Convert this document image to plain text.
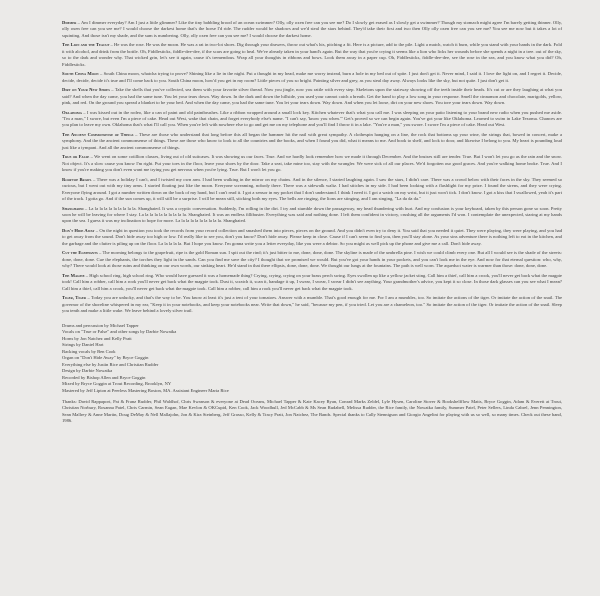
Dimmer – Am I dimmer everyday? Am I just a little glimmer? Like the tiny babbling brood of an ocean swimmer? Olly, olly oxen free can you see me? Do I slowly get erased as I slowly get a swimmer? Though my stomach might agree I'm barely getting thinner. Olly, olly oxen free can you see me? I would choose the darkest home that's the horse I'd ride. The rudder would be shadows and we'd steal the stars behind. They'd take their first and two then Olly olly oxen free can you see me? You see me now but it takes a lot of squinting. And those isn't my shade, and the sum is numbering. Olly, olly oxen free can you see me? I would choose the darkest home.

The Lion and the Teacup – He was the rose. He was the moon. He was a rat in two-lot shoes. Dig through your drawers, throw out what's his, pitching a fit. Here is a picture, add to the pile. Light a match, watch it burn, while you stand with your hands in the dark. Fold it with alcohol, and drink from the bottle. Oh, Fiddlesticks, fiddle-dee-dee, if the scars are going to heal. We've already taken in your hand's again. But the way that you're crying it seems like a lion who licks her wounds before she spends a night in a tree. out of the sky, so to the dark and wonder why. That wicked grin, let's see it again, cause it's tremendous. Wrap all your thoughts in ribbons and bows. Look them away in a paper cup. Oh, Fiddlesticks, fiddle-dee-dee, see the rose in the sea, and you know what you did? Oh, Fiddlesticks.

South China Moon – South China moon, whatcha trying to prove? Shining like a lie in the night. Put a thought in my head, make me worry instead, burn a hole in my bed out of spite. I just don't get it. Never mind, I said it. I love the light on, and I regret it. Decide, decide, decide, decide it's true and I'll come back to you. South China moon, how'd you get in my room? Little pieces of you so bright. Painting silver and grey, as you steal day away. Always looks like the sky, but not quite. I just don't get it.

Dirt on Your New Shoes – Take the shells that you've collected, sea them with your favorite silver thread. Now you jingle, now you rattle with every step. Skeletons upon the stairway showing off the teeth inside their heads. It's cut or are they laughing at what you said? And when the day came, you had the same tune. You let your tears down. Way down. In the dark and down the hillside, you used your cannot catch a breath. Get the hand to play a low song in your response. Smell the cinnamon and chocolate, marigolds, yellow, pink, and red. On the ground you spread a blanket to be your bed. And when the day came, you had the same tune. You let your tears down. Way down. And when you let loose, dirt on your new shoes. You tore your tears down. Way down.

Oklahoma – I was kissed out in the rodeo, like a can of paint and old paintbrushes. Like a ribbon wrapped around a small lock key. Kitchen whatever that's what you call me. I was sleeping on your patio listening to your brand new radio when you pushed me aside. "I'm a man," I swore, but even I'm a piece of cake. Head out West, wake that chain, and forget everybody else's name. "I can't say, 'know you when.'" Get's proved so we can begin again. You've got your like Oklahoma. Learned to swim in Lake Texoma. Chances are you plan to leave my own. Oklahoma that's what I'll call you. When you're left with nowhere else to go and get me on my telephone and you'll find I throw it in a lake. "You're a man," you swore. I swore I'm a piece of cake. Head out West.

The Ancient Commonsense of Things – These are those who understand that long before this all began the hammer hit the nail with great sympathy. A clothespin hanging on a line, the rock that bottoms up your wine, the strings that, bowed in concert, make a symphony. And the the ancient commonsense of things. These are those who know to look to all the countries and the books, and when I found you did, what it means to me. And book to shelf, and lock to door, and likewise I belong to you. My heart is pounding loud just like a tympani. And all the ancient commonsense of things.

True or False – We went on some cotillion classes, living out of old suitcases. It was showing us our faces. True. And we hardly look remember how we made it through December. And the bruises still are tender. True. But I won't let you go as the rain and the snow. Not object. It's a slow cause you know I'm right. Put your toes in the floor, leave your shoes by the door. Take a seat, take mine too, stay with the wrangler. We were sick of all our places. We'd forgotten our good graces. And you're walking home broke. True. And I know if you're making you don't even want me trying you get nervous when you're lying. True. But I won't let you go.

Rooftop Brawl – There was a holiday I can't, and I twisted my own arm. I had been walking in the mirror on my chains. And in the silence, I started laughing again. I saw the stars, I didn't care. There was a crowd below with their faces in the sky. They seemed so curious, but I went out with my tiny arms. I started floating just like the moon. Everyone screaming, nobody there. There was a sidewalk waltz. I had stitches in my side. I had been looking with a flashlight for my prize. I found the sirens, and they were crying. Everyone flying around. I got a number written down on the back of my hand, but I can't read it. I got a sensor in my pocket that I don't understand. I think I need it. I got a watch on my wrist, but it just won't tick. I don't know. I got a kiss that I swallowed, yeah it's part of the track. I gotta go. And if the sun comes up, it will still be a surprise. I will be mean still, sticking both my eyes. The bells are ringing, the lions are stinging, and I am singing, "La da da da."

Shanghaied – La la la la la la la la la la. Shanghaied. It was a cryptic conversation. Suddenly, I'm rolling in the dirt. I try and stumble down the passageway, my head thundering with hurt. And my confusion is your keyboard, taken by this person gone so soon. Pretty soon he will be leaving for where I stay. La la la la la la la la la la. Shanghaied. It was an endless fillibuster. Everything was said and nothing done. I left them confident in victory, crushing all the arguments I'd won. I contemplate the unexpected, staring at my hands upon the sea. I guess it was my inclination to hope for more. La la la la la la la la la la. Shanghaied.

Don't Hide Away – On the night in question you took the records from your record collection and smashed them into pieces, pieces on the ground. And you didn't even try to deny it. You said that you needed it quiet. They were playing, they were playing, and you had to get away from the sound. Don't hide away too high or low. I'd really like to see you, don't you know? Don't hide away. Please keep in close. Cause if I can't seem to find you, then you'll stay alone. As your sins adventure there is nothing left to eat in the kitchen, and the garbage and the clutter is piling up on the floor. La la la la la. But I hope you know. I'm gonna write you a letter everyday, like you were a debtor. So you might as well pick up the phone and give me a call. Don't hide away.

Cut the Elephants – The morning belongs to the grapefruit, ripe is the gold Roman sun. I spit out the rind; it's just bitter to me, done, done, done. The skyline is made of the umbrella pine. I wish we could climb every one. But all I would see is the shade of the streets: done, done, done. Cue the elephants, the torches they light in the sands. Can you find me save the city? I thought that we promised we would. But you've got your hands in your pockets, and you can't look me in the eye. And now for that eternal question: who, why, why? There would look at those ruins and thinking on our own words, our sinking heart. He'd stand in that there ellipsis, done, done, done. We thought our lungs at the fountains. The path is well worn. The aqueduct water is warmer than those: done, done, done.

The Magpie – High school ring, high school ring. Who would have guessed it was a homemade thing? Crying, crying, crying on your brass perch swing. Eyes swollen up like a yellow jacket sting. Call him a thief, call him a crook, you'll never get back what the magpie took! Call him a robber, call him a rook you'll never get back what the magpie took. Dust it, scratch it, scan it, bandage it up, I swear, I swear, I swear I didn't see anything. Your grandmother's advice, you kept it so close. In those dark glasses can you see what I mean? Call him a thief, call him a crook, you'll never get back what the magpie took. Call him a robber, call him a rook you'll never get back what the magpie took.

Tiger, Tiger – Today you are unlucky, and that's the way to be. You know at least it's just a tent of your tomatoes. Answer with a mumble. That's good enough for me. For I am a mumbles, too. So imitate the actions of the tiger. Or imitate the action of the snail. The governor of the shoreline whispered in my ear, "Keep it in your notebooks, and keep your notebooks near. Write that down," he said, "because my pen, if you tried. Let you are a chameleon, too." So imitate the action of the tiger. Or imitate the action of the snail. Sleep you tenth and make a little wake. We leave behind a lovely silver trail.

Drums and percussion by Michael Tapper
Vocals on "True or False" and other songs by Darbie Nowatka
Horns by Jon Natchez and Kelly Pratt
Strings by Daniel Hart
Backing vocals by Ben Cook
Organ on "Don't Hide Away" by Bryce Goggin
Everything else by Justin Rice and Christian Rudder
Design by Darbie Nowatka
Recorded by Bishop Allen and Bryce Goggin
Mixed by Bryce Goggin at Trout Recording, Brooklyn, NY
Mastered by Jeff Lipton at Peerless Mastering Boston, MA. Assistant Engineer Maria Rice
Thanks: David Rappaport, Pat & Franz Rudder, Phil Waldhof, Chris Swanson & everyone at Dead Oceans, Michael Tapper & Kate Kacey Ryan, Conrad Marks Zeldel, Lyle Hysen, Caroline Stover & Bookshelfflow Matts, Bryce Goggin, Adam & Everett at Trout, Christian Norbury, Rosanna Patel, Chris Carmin, Sean Eagan, Mae Kevlon & OKCupid, Ken Cook, Jack Woodhull, Jed McCabb & Ms Sean Rudabell, Melissa Rudder, the Rice family, the Nowatka family, Summer Patel, Peter Sellers, Linda Cabrel, Jenn Pennington, Sean Mallrey & Anne Martin, Doug DeMay & Nell Mallajohn, Jon & Kira Steinberg, Jeff Grasso, Kelly & Tracy Pratt, Jon Natchez, The Bands. Special thanks to Cally Stennigson and Giorgio Angelini for playing with us so well, so many times. Check out these band, 1986.
